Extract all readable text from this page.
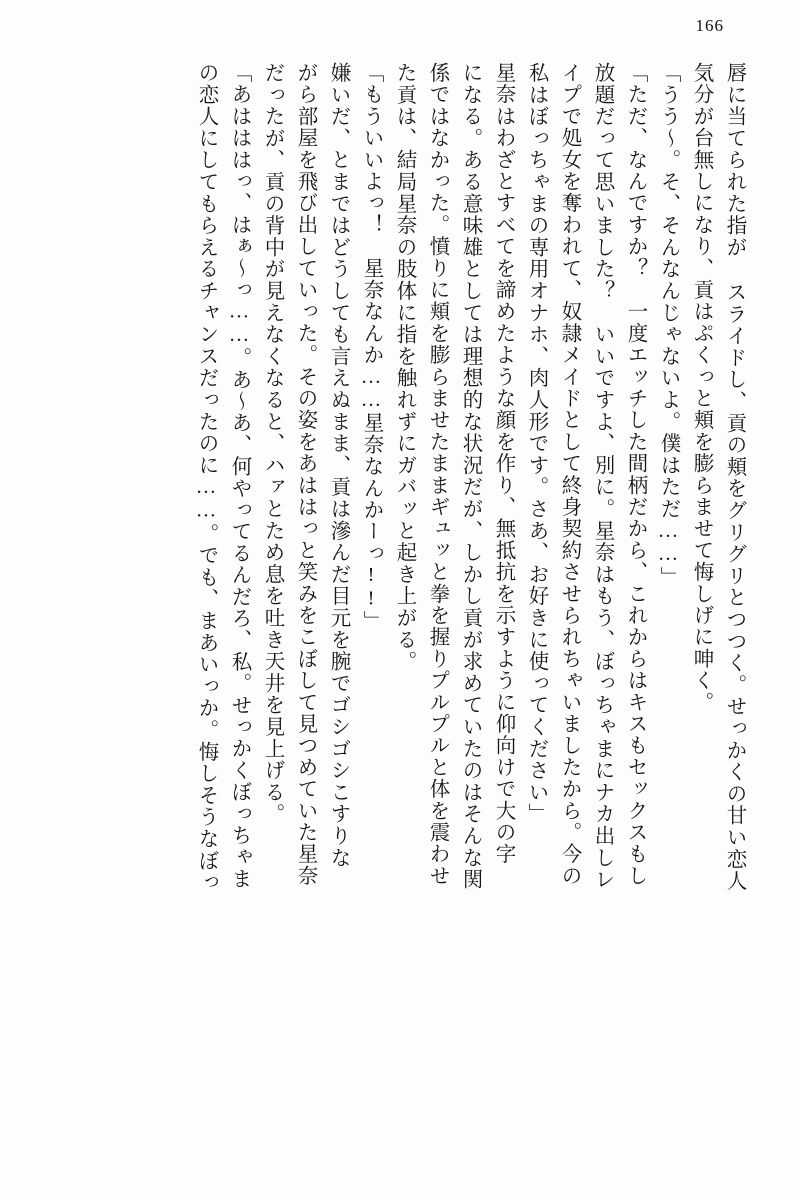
166
唇に当てられた指が スライドし、貢の頬をグリグリとつつく。せっかくの甘い恋人
気分が台無しになり、貢はぷくっと頬を膨らませて悔しげに呻く。
「うう～。そ、そんなんじゃないよ。僕はただ……」
「ただ、なんですか？　一度エッチした間柄だから、これからはキスもセックスもし
放題だって思いました？　いいですよ、別に。星奈はもう、ぼっちゃまにナカ出しレ
イプで処女を奪われて、奴隷メイドとして終身契約させられちゃいましたから。今の
私はぼっちゃまの専用オナホ、肉人形です。さあ、お好きに使ってください」
星奈はわざとすべてを諦めたような顔を作り、無抵抗を示すように仰向けで大の字
になる。ある意味雄としては理想的な状況だが、しかし貢が求めていたのはそんな関
係ではなかった。憤りに頬を膨らませたままギュッと拳を握りプルプルと体を震わせ
た貢は、結局星奈の肢体に指を触れずにガバッと起き上がる。
「もういいよっ！　星奈なんか……星奈なんかーっ!!」
嫌いだ、とまではどうしても言えぬまま、貢は滲んだ目元を腕でゴシゴシこすりな
がら部屋を飛び出していった。その姿をあははっと笑みをこぼして見つめていた星奈
だったが、貢の背中が見えなくなると、ハァとため息を吐き天井を見上げる。
「あはははっ、はぁ～っ……。あ～あ、何やってるんだろ、私。せっかくぼっちゃま
の恋人にしてもらえるチャンスだったのに……。でも、まあいっか。悔しそうなぼっ
